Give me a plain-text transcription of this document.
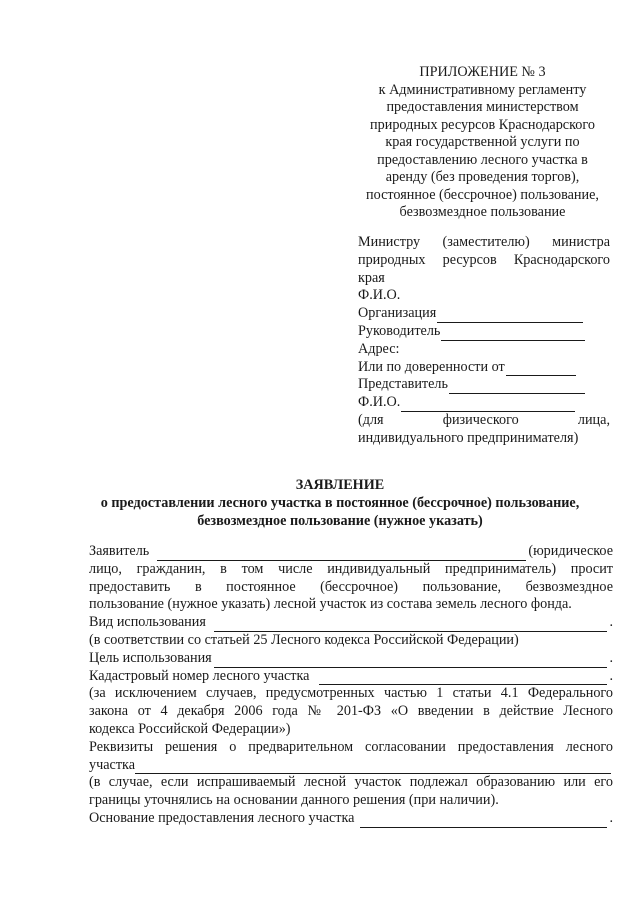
ПРИЛОЖЕНИЕ № 3
к Административному регламенту
предоставления министерством
природных ресурсов Краснодарского
края государственной услуги по
предоставлению лесного участка в
аренду (без проведения торгов),
постоянное (бессрочное) пользование,
безвозмездное пользование
Министру (заместителю) министра
природных ресурсов Краснодарского
края
Ф.И.О.
Организация
Руководитель
Адрес:
Или по доверенности от
Представитель
Ф.И.О.
(для физического лица,
индивидуального предпринимателя)
ЗАЯВЛЕНИЕ
о предоставлении лесного участка в постоянное (бессрочное) пользование,
безвозмездное пользование (нужное указать)
Заявитель	(юридическое
лицо, гражданин, в том числе индивидуальный предприниматель) просит
предоставить в постоянное (бессрочное) пользование, безвозмездное
пользование (нужное указать) лесной участок из состава земель лесного фонда.
Вид использования	.
(в соответствии со статьей 25 Лесного кодекса Российской Федерации)
Цель использования	.
Кадастровый номер лесного участка	.
(за исключением случаев, предусмотренных частью 1 статьи 4.1 Федерального
закона от 4 декабря 2006 года № 201-ФЗ «О введении в действие Лесного
кодекса Российской Федерации»)
Реквизиты решения о предварительном согласовании предоставления лесного
участка
(в случае, если испрашиваемый лесной участок подлежал образованию или его
границы уточнялись на основании данного решения (при наличии).
Основание предоставления лесного участка	.
